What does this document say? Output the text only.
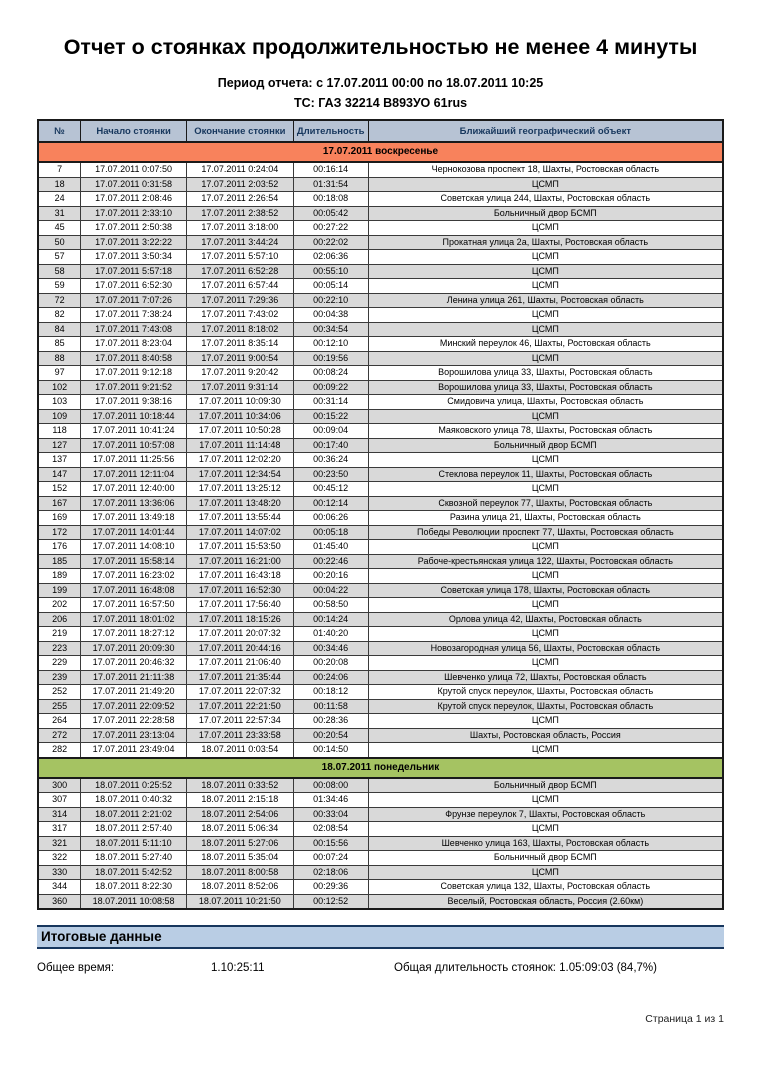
Отчет о стоянках продолжительностью не менее 4 минуты
Период отчета: с 17.07.2011 00:00 по 18.07.2011 10:25
ТС: ГАЗ 32214 В893УО 61rus
№	Начало стоянки	Окончание стоянки	Длительность	Ближайший географический объект
17.07.2011 воскресенье				
7	17.07.2011 0:07:50	17.07.2011 0:24:04	00:16:14	Чернокозова проспект 18, Шахты, Ростовская область
18	17.07.2011 0:31:58	17.07.2011 2:03:52	01:31:54	ЦСМП
24	17.07.2011 2:08:46	17.07.2011 2:26:54	00:18:08	Советская улица 244, Шахты, Ростовская область
31	17.07.2011 2:33:10	17.07.2011 2:38:52	00:05:42	Больничный двор БСМП
45	17.07.2011 2:50:38	17.07.2011 3:18:00	00:27:22	ЦСМП
50	17.07.2011 3:22:22	17.07.2011 3:44:24	00:22:02	Прокатная улица 2а, Шахты, Ростовская область
57	17.07.2011 3:50:34	17.07.2011 5:57:10	02:06:36	ЦСМП
58	17.07.2011 5:57:18	17.07.2011 6:52:28	00:55:10	ЦСМП
59	17.07.2011 6:52:30	17.07.2011 6:57:44	00:05:14	ЦСМП
72	17.07.2011 7:07:26	17.07.2011 7:29:36	00:22:10	Ленина улица 261, Шахты, Ростовская область
82	17.07.2011 7:38:24	17.07.2011 7:43:02	00:04:38	ЦСМП
84	17.07.2011 7:43:08	17.07.2011 8:18:02	00:34:54	ЦСМП
85	17.07.2011 8:23:04	17.07.2011 8:35:14	00:12:10	Минский переулок 46, Шахты, Ростовская область
88	17.07.2011 8:40:58	17.07.2011 9:00:54	00:19:56	ЦСМП
97	17.07.2011 9:12:18	17.07.2011 9:20:42	00:08:24	Ворошилова улица 33, Шахты, Ростовская область
102	17.07.2011 9:21:52	17.07.2011 9:31:14	00:09:22	Ворошилова улица 33, Шахты, Ростовская область
103	17.07.2011 9:38:16	17.07.2011 10:09:30	00:31:14	Смидовича улица, Шахты, Ростовская область
109	17.07.2011 10:18:44	17.07.2011 10:34:06	00:15:22	ЦСМП
118	17.07.2011 10:41:24	17.07.2011 10:50:28	00:09:04	Маяковского улица 78, Шахты, Ростовская область
127	17.07.2011 10:57:08	17.07.2011 11:14:48	00:17:40	Больничный двор БСМП
137	17.07.2011 11:25:56	17.07.2011 12:02:20	00:36:24	ЦСМП
147	17.07.2011 12:11:04	17.07.2011 12:34:54	00:23:50	Стеклова переулок 11, Шахты, Ростовская область
152	17.07.2011 12:40:00	17.07.2011 13:25:12	00:45:12	ЦСМП
167	17.07.2011 13:36:06	17.07.2011 13:48:20	00:12:14	Сквозной переулок 77, Шахты, Ростовская область
169	17.07.2011 13:49:18	17.07.2011 13:55:44	00:06:26	Разина улица 21, Шахты, Ростовская область
172	17.07.2011 14:01:44	17.07.2011 14:07:02	00:05:18	Победы Революции проспект 77, Шахты, Ростовская область
176	17.07.2011 14:08:10	17.07.2011 15:53:50	01:45:40	ЦСМП
185	17.07.2011 15:58:14	17.07.2011 16:21:00	00:22:46	Рабоче-крестьянская улица 122, Шахты, Ростовская область
189	17.07.2011 16:23:02	17.07.2011 16:43:18	00:20:16	ЦСМП
199	17.07.2011 16:48:08	17.07.2011 16:52:30	00:04:22	Советская улица 178, Шахты, Ростовская область
202	17.07.2011 16:57:50	17.07.2011 17:56:40	00:58:50	ЦСМП
206	17.07.2011 18:01:02	17.07.2011 18:15:26	00:14:24	Орлова улица 42, Шахты, Ростовская область
219	17.07.2011 18:27:12	17.07.2011 20:07:32	01:40:20	ЦСМП
223	17.07.2011 20:09:30	17.07.2011 20:44:16	00:34:46	Новозагородная улица 56, Шахты, Ростовская область
229	17.07.2011 20:46:32	17.07.2011 21:06:40	00:20:08	ЦСМП
239	17.07.2011 21:11:38	17.07.2011 21:35:44	00:24:06	Шевченко улица 72, Шахты, Ростовская область
252	17.07.2011 21:49:20	17.07.2011 22:07:32	00:18:12	Крутой спуск переулок, Шахты, Ростовская область
255	17.07.2011 22:09:52	17.07.2011 22:21:50	00:11:58	Крутой спуск переулок, Шахты, Ростовская область
264	17.07.2011 22:28:58	17.07.2011 22:57:34	00:28:36	ЦСМП
272	17.07.2011 23:13:04	17.07.2011 23:33:58	00:20:54	Шахты, Ростовская область, Россия
282	17.07.2011 23:49:04	18.07.2011 0:03:54	00:14:50	ЦСМП
18.07.2011 понедельник				
300	18.07.2011 0:25:52	18.07.2011 0:33:52	00:08:00	Больничный двор БСМП
307	18.07.2011 0:40:32	18.07.2011 2:15:18	01:34:46	ЦСМП
314	18.07.2011 2:21:02	18.07.2011 2:54:06	00:33:04	Фрунзе переулок 7, Шахты, Ростовская область
317	18.07.2011 2:57:40	18.07.2011 5:06:34	02:08:54	ЦСМП
321	18.07.2011 5:11:10	18.07.2011 5:27:06	00:15:56	Шевченко улица 163, Шахты, Ростовская область
322	18.07.2011 5:27:40	18.07.2011 5:35:04	00:07:24	Больничный двор БСМП
330	18.07.2011 5:42:52	18.07.2011 8:00:58	02:18:06	ЦСМП
344	18.07.2011 8:22:30	18.07.2011 8:52:06	00:29:36	Советская улица 132, Шахты, Ростовская область
360	18.07.2011 10:08:58	18.07.2011 10:21:50	00:12:52	Веселый, Ростовская область, Россия (2.60км)
Итоговые данные
Общее время:	1.10:25:11	Общая длительность стоянок: 1.05:09:03 (84,7%)
Страница 1 из 1
